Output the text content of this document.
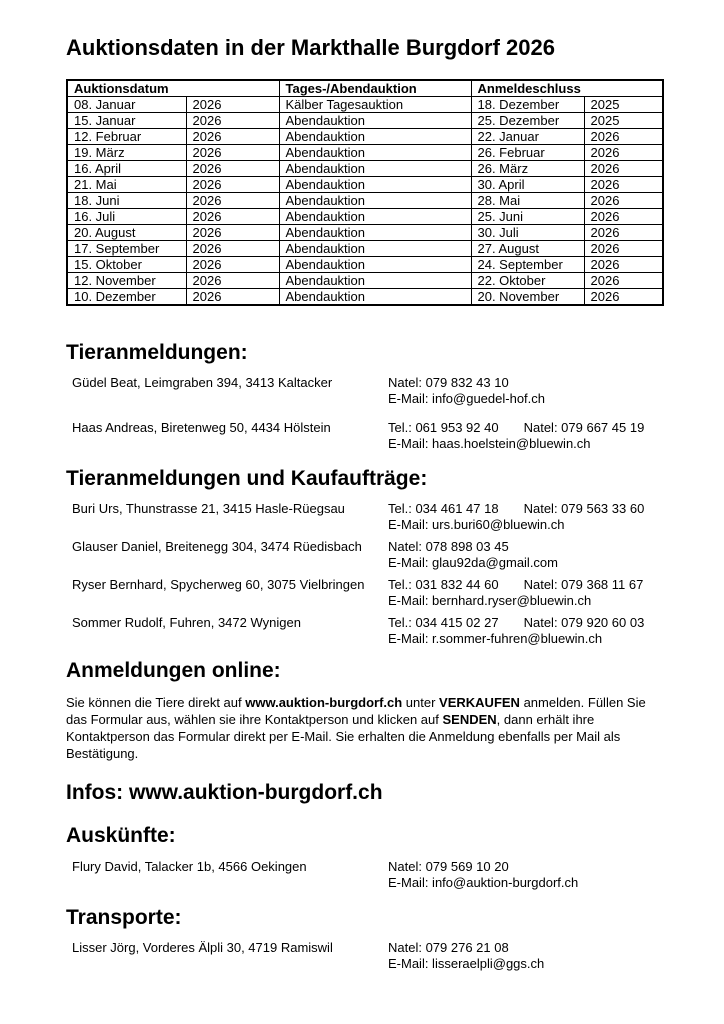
Auktionsdaten in der Markthalle Burgdorf 2026
Auktionsdatum		Tages-/Abendauktion	Anmeldeschluss	
08. Januar	2026	Kälber Tagesauktion	18. Dezember	2025
15. Januar	2026	Abendauktion	25. Dezember	2025
12. Februar	2026	Abendauktion	22. Januar	2026
19. März	2026	Abendauktion	26. Februar	2026
16. April	2026	Abendauktion	26. März	2026
21. Mai	2026	Abendauktion	30. April	2026
18. Juni	2026	Abendauktion	28. Mai	2026
16. Juli	2026	Abendauktion	25. Juni	2026
20. August	2026	Abendauktion	30. Juli	2026
17. September	2026	Abendauktion	27. August	2026
15. Oktober	2026	Abendauktion	24. September	2026
12. November	2026	Abendauktion	22. Oktober	2026
10. Dezember	2026	Abendauktion	20. November	2026
Tieranmeldungen:
Güdel Beat, Leimgraben 394, 3413 Kaltacker	Natel: 079 832 43 10
E-Mail: info@guedel-hof.ch
Haas Andreas, Biretenweg 50, 4434 Hölstein	Tel.: 061 953 92 40 Natel: 079 667 45 19
E-Mail: haas.hoelstein@bluewin.ch
Tieranmeldungen und Kaufaufträge:
Buri Urs, Thunstrasse 21, 3415 Hasle-Rüegsau	Tel.: 034 461 47 18 Natel: 079 563 33 60
E-Mail: urs.buri60@bluewin.ch
Glauser Daniel, Breitenegg 304, 3474 Rüedisbach	Natel: 078 898 03 45
E-Mail: glau92da@gmail.com
Ryser Bernhard, Spycherweg 60, 3075 Vielbringen	Tel.: 031 832 44 60 Natel: 079 368 11 67
E-Mail: bernhard.ryser@bluewin.ch
Sommer Rudolf, Fuhren, 3472 Wynigen	Tel.: 034 415 02 27 Natel: 079 920 60 03
E-Mail: r.sommer-fuhren@bluewin.ch
Anmeldungen online:

Sie können die Tiere direkt auf www.auktion-burgdorf.ch unter VERKAUFEN anmelden. Füllen Sie das Formular aus, wählen sie ihre Kontaktperson und klicken auf SENDEN, dann erhält ihre Kontaktperson das Formular direkt per E-Mail. Sie erhalten die Anmeldung ebenfalls per Mail als Bestätigung.

Infos: www.auktion-burgdorf.ch
Auskünfte:
Flury David, Talacker 1b, 4566 Oekingen	Natel: 079 569 10 20
E-Mail: info@auktion-burgdorf.ch
Transporte:
Lisser Jörg, Vorderes Älpli 30, 4719 Ramiswil	Natel: 079 276 21 08
E-Mail: lisseraelpli@ggs.ch
